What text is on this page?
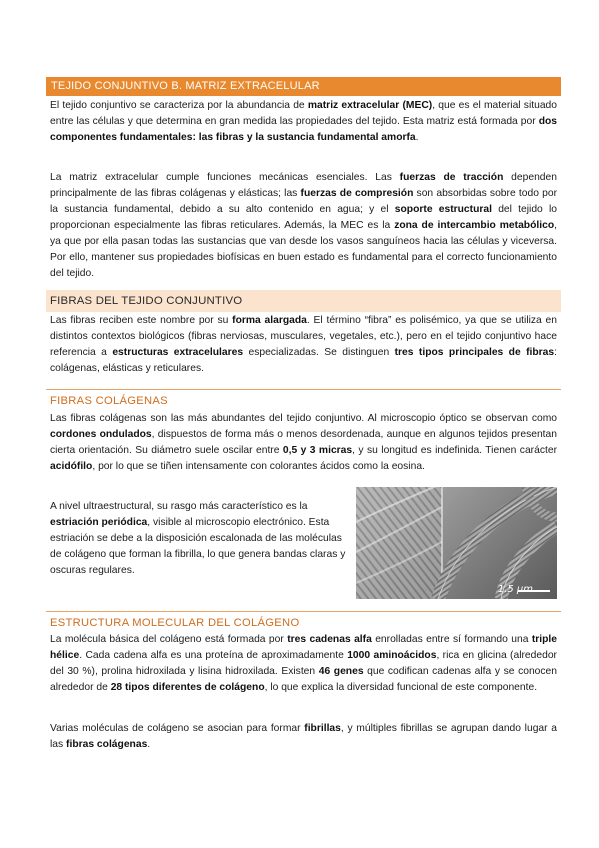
TEJIDO CONJUNTIVO B. MATRIZ EXTRACELULAR

El tejido conjuntivo se caracteriza por la abundancia de matriz extracelular (MEC), que es el material situado entre las células y que determina en gran medida las propiedades del tejido. Esta matriz está formada por dos componentes fundamentales: las fibras y la sustancia fundamental amorfa.

La matriz extracelular cumple funciones mecánicas esenciales. Las fuerzas de tracción dependen principalmente de las fibras colágenas y elásticas; las fuerzas de compresión son absorbidas sobre todo por la sustancia fundamental, debido a su alto contenido en agua; y el soporte estructural del tejido lo proporcionan especialmente las fibras reticulares. Además, la MEC es la zona de intercambio metabólico, ya que por ella pasan todas las sustancias que van desde los vasos sanguíneos hacia las células y viceversa. Por ello, mantener sus propiedades biofísicas en buen estado es fundamental para el correcto funcionamiento del tejido.

FIBRAS DEL TEJIDO CONJUNTIVO

Las fibras reciben este nombre por su forma alargada. El término “fibra” es polisémico, ya que se utiliza en distintos contextos biológicos (fibras nerviosas, musculares, vegetales, etc.), pero en el tejido conjuntivo hace referencia a estructuras extracelulares especializadas. Se distinguen tres tipos principales de fibras: colágenas, elásticas y reticulares.

FIBRAS COLÁGENAS

Las fibras colágenas son las más abundantes del tejido conjuntivo. Al microscopio óptico se observan como cordones ondulados, dispuestos de forma más o menos desordenada, aunque en algunos tejidos presentan cierta orientación. Su diámetro suele oscilar entre 0,5 y 3 micras, y su longitud es indefinida. Tienen carácter acidófilo, por lo que se tiñen intensamente con colorantes ácidos como la eosina.

A nivel ultraestructural, su rasgo más característico es la estriación periódica, visible al microscopio electrónico. Esta estriación se debe a la disposición escalonada de las moléculas de colágeno que forman la fibrilla, lo que genera bandas claras y oscuras regulares.

1.5 μm
ESTRUCTURA MOLECULAR DEL COLÁGENO

La molécula básica del colágeno está formada por tres cadenas alfa enrolladas entre sí formando una triple hélice. Cada cadena alfa es una proteína de aproximadamente 1000 aminoácidos, rica en glicina (alrededor del 30 %), prolina hidroxilada y lisina hidroxilada. Existen 46 genes que codifican cadenas alfa y se conocen alrededor de 28 tipos diferentes de colágeno, lo que explica la diversidad funcional de este componente.

Varias moléculas de colágeno se asocian para formar fibrillas, y múltiples fibrillas se agrupan dando lugar a las fibras colágenas.
